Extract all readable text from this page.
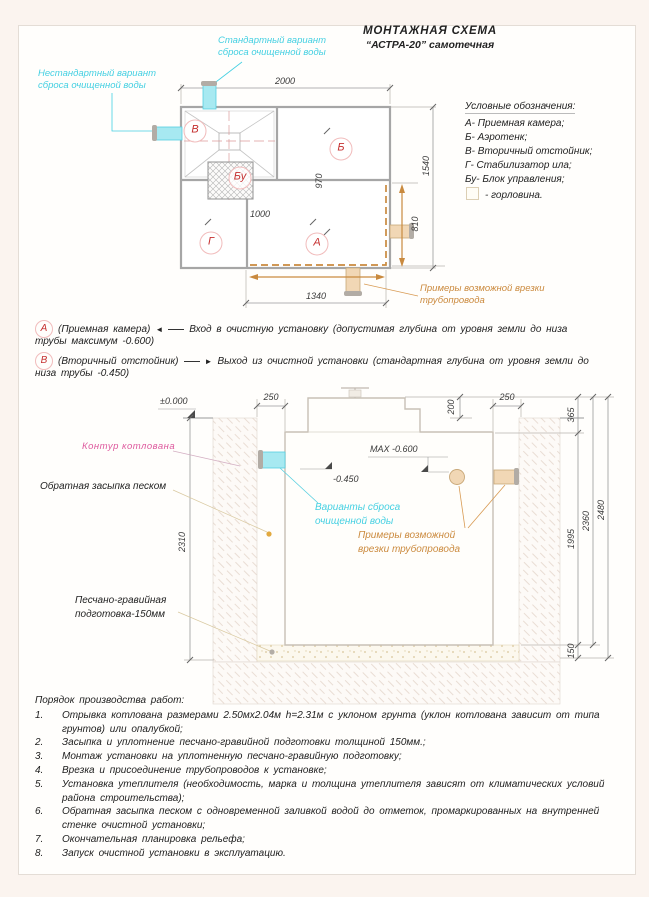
МОНТАЖНАЯ СХЕМА
“АСТРА-20” самотечная
Стандартный вариант
сброса очищенной воды
Нестандартный вариант
сброса очищенной воды	2000
1540
970
1000
810
1340
В
Б
Бу
Г	А
Примеры возможной врезки
трубопровода
Условные обозначения:
А- Приемная камера;
Б- Аэротенк;
В- Вторичный отстойник;
Г- Стабилизатор ила;
Бу- Блок управления;
- горловина.
А	(Приемная камера) ◄	Вход в очистную установку (допустимая глубина от уровня земли до низа
трубы максимум -0.600)
В	(Вторичный отстойник)	► Выход из очистной установки (стандартная глубина от уровня земли до
низа трубы -0.450)
±0.000	250	250
200
MAX -0.600
-0.450
2310
365
1995
150
2360
2480
Контур котлована
Обратная засыпка песком
Песчано-гравийная
подготовка-150мм
Варианты сброса
очищенной воды
Примеры возможной
врезки трубопровода
Порядок производства работ:
1.	Отрывка котлована размерами 2.50мх2.04м h=2.31м с уклоном грунта (уклон котлована зависит от типа грунтов) или опалубкой;
2.	Засыпка и уплотнение песчано-гравийной подготовки толщиной 150мм.;
3.	Монтаж установки на уплотненную песчано-гравийную подготовку;
4.	Врезка и присоединение трубопроводов к установке;
5.	Установка утеплителя (необходимость, марка и толщина утеплителя зависят от климатических условий района строительства);
6.	Обратная засыпка песком с одновременной заливкой водой до отметок, промаркированных на внутренней стенке очистной установки;
7.	Окончательная планировка рельефа;
8.	Запуск очистной установки в эксплуатацию.
